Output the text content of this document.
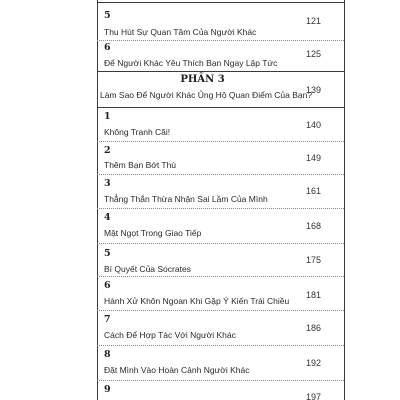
5
Thu Hút Sự Quan Tâm Của Người Khác
121
6
Để Người Khác Yêu Thích Bạn Ngay Lập Tức
125
PHẦN 3
Làm Sao Để Người Khác Ủng Hộ Quan Điểm Của Bạn?
139
1
Không Tranh Cãi!
140
2
Thêm Bạn Bớt Thù
149
3
Thẳng Thắn Thừa Nhận Sai Lầm Của Mình
161
4
Mật Ngọt Trong Giao Tiếp
168
5
Bí Quyết Của Socrates
175
6
Hành Xử Khôn Ngoan Khi Gặp Ý Kiến Trái Chiều
181
7
Cách Để Hợp Tác Với Người Khác
186
8
Đặt Mình Vào Hoàn Cảnh Người Khác
192
9
197
